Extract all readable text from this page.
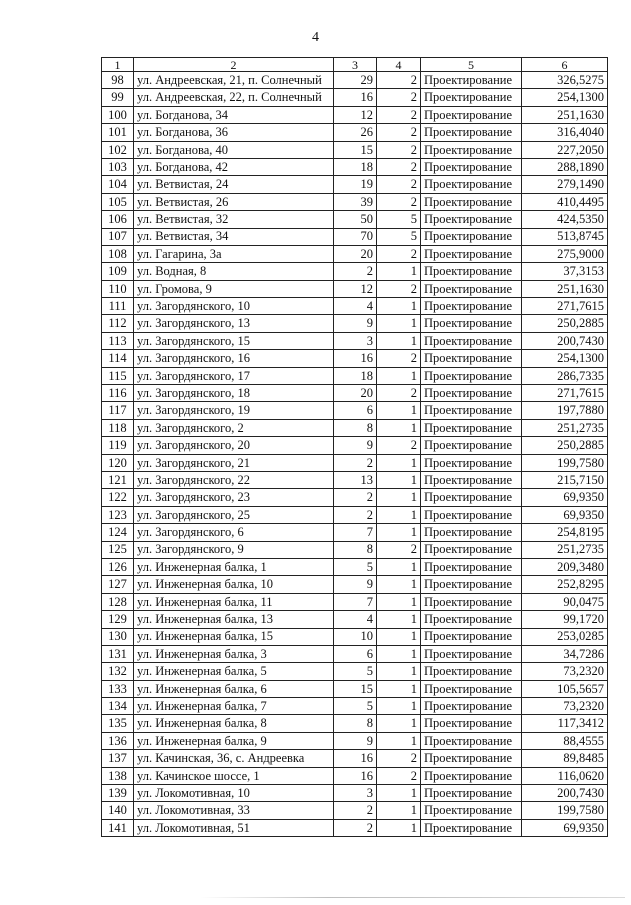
4
1	2	3	4	5	6
98	ул. Андреевская, 21, п. Солнечный	29	2	Проектирование	326,5275
99	ул. Андреевская, 22, п. Солнечный	16	2	Проектирование	254,1300
100	ул. Богданова, 34	12	2	Проектирование	251,1630
101	ул. Богданова, 36	26	2	Проектирование	316,4040
102	ул. Богданова, 40	15	2	Проектирование	227,2050
103	ул. Богданова, 42	18	2	Проектирование	288,1890
104	ул. Ветвистая, 24	19	2	Проектирование	279,1490
105	ул. Ветвистая, 26	39	2	Проектирование	410,4495
106	ул. Ветвистая, 32	50	5	Проектирование	424,5350
107	ул. Ветвистая, 34	70	5	Проектирование	513,8745
108	ул. Гагарина, 3а	20	2	Проектирование	275,9000
109	ул. Водная, 8	2	1	Проектирование	37,3153
110	ул. Громова, 9	12	2	Проектирование	251,1630
111	ул. Загордянского, 10	4	1	Проектирование	271,7615
112	ул. Загордянского, 13	9	1	Проектирование	250,2885
113	ул. Загордянского, 15	3	1	Проектирование	200,7430
114	ул. Загордянского, 16	16	2	Проектирование	254,1300
115	ул. Загордянского, 17	18	1	Проектирование	286,7335
116	ул. Загордянского, 18	20	2	Проектирование	271,7615
117	ул. Загордянского, 19	6	1	Проектирование	197,7880
118	ул. Загордянского, 2	8	1	Проектирование	251,2735
119	ул. Загордянского, 20	9	2	Проектирование	250,2885
120	ул. Загордянского, 21	2	1	Проектирование	199,7580
121	ул. Загордянского, 22	13	1	Проектирование	215,7150
122	ул. Загордянского, 23	2	1	Проектирование	69,9350
123	ул. Загордянского, 25	2	1	Проектирование	69,9350
124	ул. Загордянского, 6	7	1	Проектирование	254,8195
125	ул. Загордянского, 9	8	2	Проектирование	251,2735
126	ул. Инженерная балка, 1	5	1	Проектирование	209,3480
127	ул. Инженерная балка, 10	9	1	Проектирование	252,8295
128	ул. Инженерная балка, 11	7	1	Проектирование	90,0475
129	ул. Инженерная балка, 13	4	1	Проектирование	99,1720
130	ул. Инженерная балка, 15	10	1	Проектирование	253,0285
131	ул. Инженерная балка, 3	6	1	Проектирование	34,7286
132	ул. Инженерная балка, 5	5	1	Проектирование	73,2320
133	ул. Инженерная балка, 6	15	1	Проектирование	105,5657
134	ул. Инженерная балка, 7	5	1	Проектирование	73,2320
135	ул. Инженерная балка, 8	8	1	Проектирование	117,3412
136	ул. Инженерная балка, 9	9	1	Проектирование	88,4555
137	ул. Качинская, 36, с. Андреевка	16	2	Проектирование	89,8485
138	ул. Качинское шоссе, 1	16	2	Проектирование	116,0620
139	ул. Локомотивная, 10	3	1	Проектирование	200,7430
140	ул. Локомотивная, 33	2	1	Проектирование	199,7580
141	ул. Локомотивная, 51	2	1	Проектирование	69,9350
